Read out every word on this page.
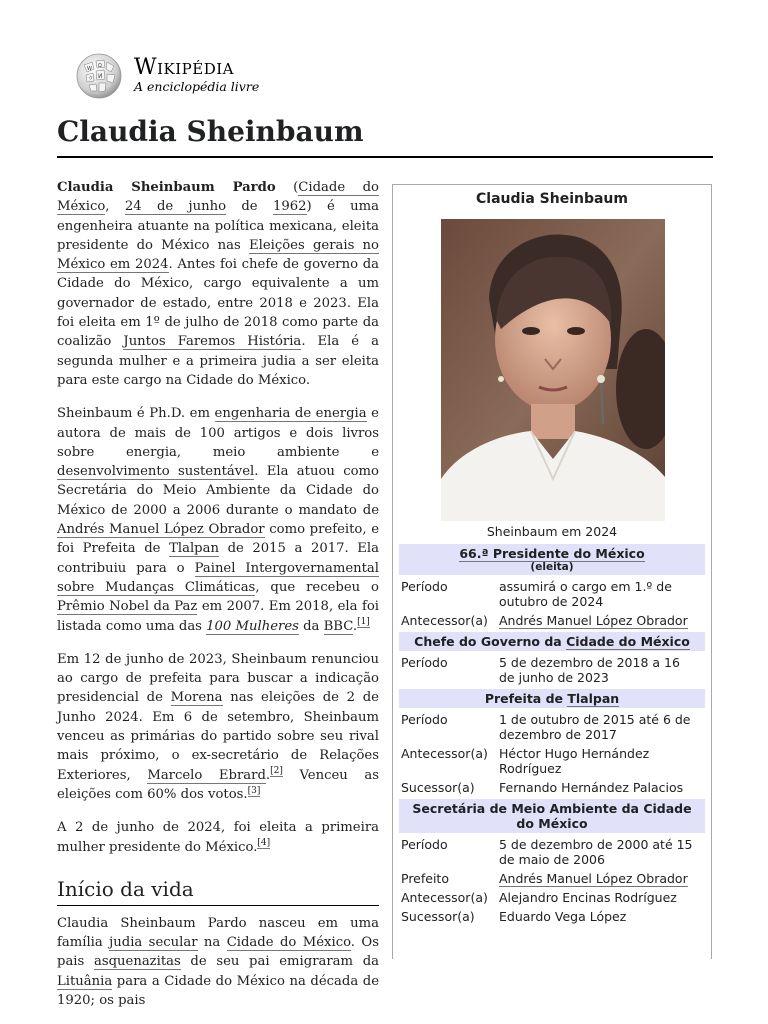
W Ω
И
ウ Wikipédia
A enciclopédia livre
Claudia Sheinbaum

Claudia Sheinbaum Pardo (Cidade do México, 24 de junho de 1962) é uma engenheira atuante na política mexicana, eleita presidente do México nas Eleições gerais no México em 2024. Antes foi chefe de governo da Cidade do México, cargo equivalente a um governador de estado, entre 2018 e 2023. Ela foi eleita em 1º de julho de 2018 como parte da coalizão Juntos Faremos História. Ela é a segunda mulher e a primeira judia a ser eleita para este cargo na Cidade do México.

Sheinbaum é Ph.D. em engenharia de energia e autora de mais de 100 artigos e dois livros sobre energia, meio ambiente e desenvolvimento sustentável. Ela atuou como Secretária do Meio Ambiente da Cidade do México de 2000 a 2006 durante o mandato de Andrés Manuel López Obrador como prefeito, e foi Prefeita de Tlalpan de 2015 a 2017. Ela contribuiu para o Painel Intergovernamental sobre Mudanças Climáticas, que recebeu o Prêmio Nobel da Paz em 2007. Em 2018, ela foi listada como uma das 100 Mulheres da BBC.[1]

Em 12 de junho de 2023, Sheinbaum renunciou ao cargo de prefeita para buscar a indicação presidencial de Morena nas eleições de 2 de Junho 2024. Em 6 de setembro, Sheinbaum venceu as primárias do partido sobre seu rival mais próximo, o ex-secretário de Relações Exteriores, Marcelo Ebrard.[2] Venceu as eleições com 60% dos votos.[3]

A 2 de junho de 2024, foi eleita a primeira mulher presidente do México.[4]

Início da vida

Claudia Sheinbaum Pardo nasceu em uma família judia secular na Cidade do México. Os pais asquenazitas de seu pai emigraram da Lituânia para a Cidade do México na década de 1920; os pais

Claudia Sheinbaum
Sheinbaum em 2024
66.ª Presidente do México
(eleita)
Período	assumirá o cargo em 1.º de outubro de 2024
Antecessor(a) Andrés Manuel López Obrador
Chefe do Governo da Cidade do México
Período	5 de dezembro de 2018 a 16 de junho de 2023
Prefeita de Tlalpan
Período	1 de outubro de 2015 até 6 de dezembro de 2017
Antecessor(a) Héctor Hugo Hernández Rodríguez
Sucessor(a)	Fernando Hernández Palacios
Secretária de Meio Ambiente da Cidade do México
Período	5 de dezembro de 2000 até 15 de maio de 2006
Prefeito	Andrés Manuel López Obrador
Antecessor(a) Alejandro Encinas Rodríguez
Sucessor(a)	Eduardo Vega López
